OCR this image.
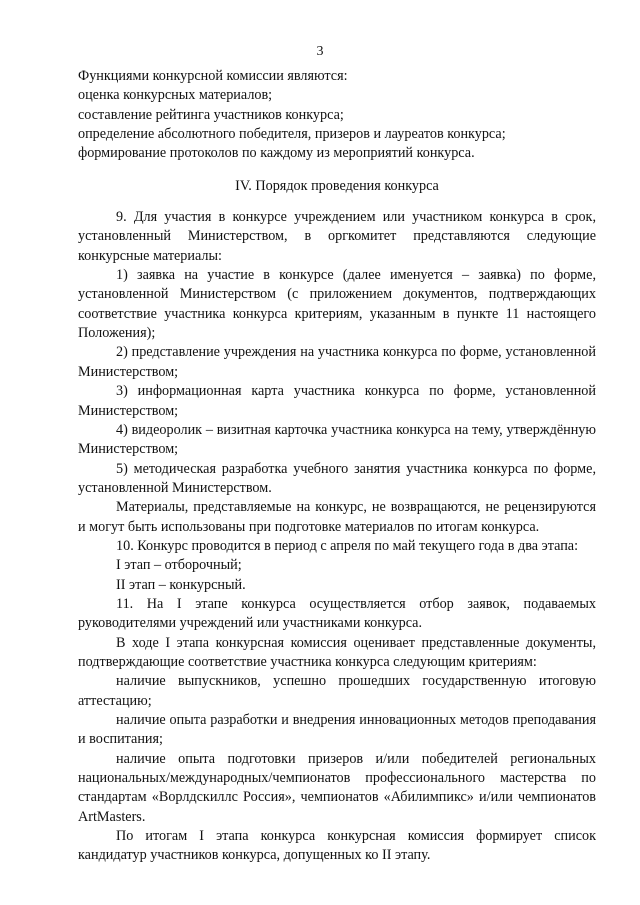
3

Функциями конкурсной комиссии являются:

оценка конкурсных материалов;

составление рейтинга участников конкурса;

определение абсолютного победителя, призеров и лауреатов конкурса;

формирование протоколов по каждому из мероприятий конкурса.

IV. Порядок проведения конкурса

9. Для участия в конкурсе учреждением или участником конкурса в срок, установленный Министерством, в оргкомитет представляются следующие конкурсные материалы:

1) заявка на участие в конкурсе (далее именуется – заявка) по форме, установленной Министерством (с приложением документов, подтверждающих соответствие участника конкурса критериям, указанным в пункте 11 настоящего Положения);

2) представление учреждения на участника конкурса по форме, установленной Министерством;

3) информационная карта участника конкурса по форме, установленной Министерством;

4) видеоролик – визитная карточка участника конкурса на тему, утверждённую Министерством;

5) методическая разработка учебного занятия участника конкурса по форме, установленной Министерством.

Материалы, представляемые на конкурс, не возвращаются, не рецензируются и могут быть использованы при подготовке материалов по итогам конкурса.

10. Конкурс проводится в период с апреля по май текущего года в два этапа:

I этап – отборочный;

II этап – конкурсный.

11. На I этапе конкурса осуществляется отбор заявок, подаваемых руководителями учреждений или участниками конкурса.

В ходе I этапа конкурсная комиссия оценивает представленные документы, подтверждающие соответствие участника конкурса следующим критериям:

наличие выпускников, успешно прошедших государственную итоговую аттестацию;

наличие опыта разработки и внедрения инновационных методов преподавания и воспитания;

наличие опыта подготовки призеров и/или победителей региональных национальных/международных/чемпионатов профессионального мастерства по стандартам «Ворлдскиллс Россия», чемпионатов «Абилимпикс» и/или чемпионатов ArtMasters.

По итогам I этапа конкурса конкурсная комиссия формирует список кандидатур участников конкурса, допущенных ко II этапу.
